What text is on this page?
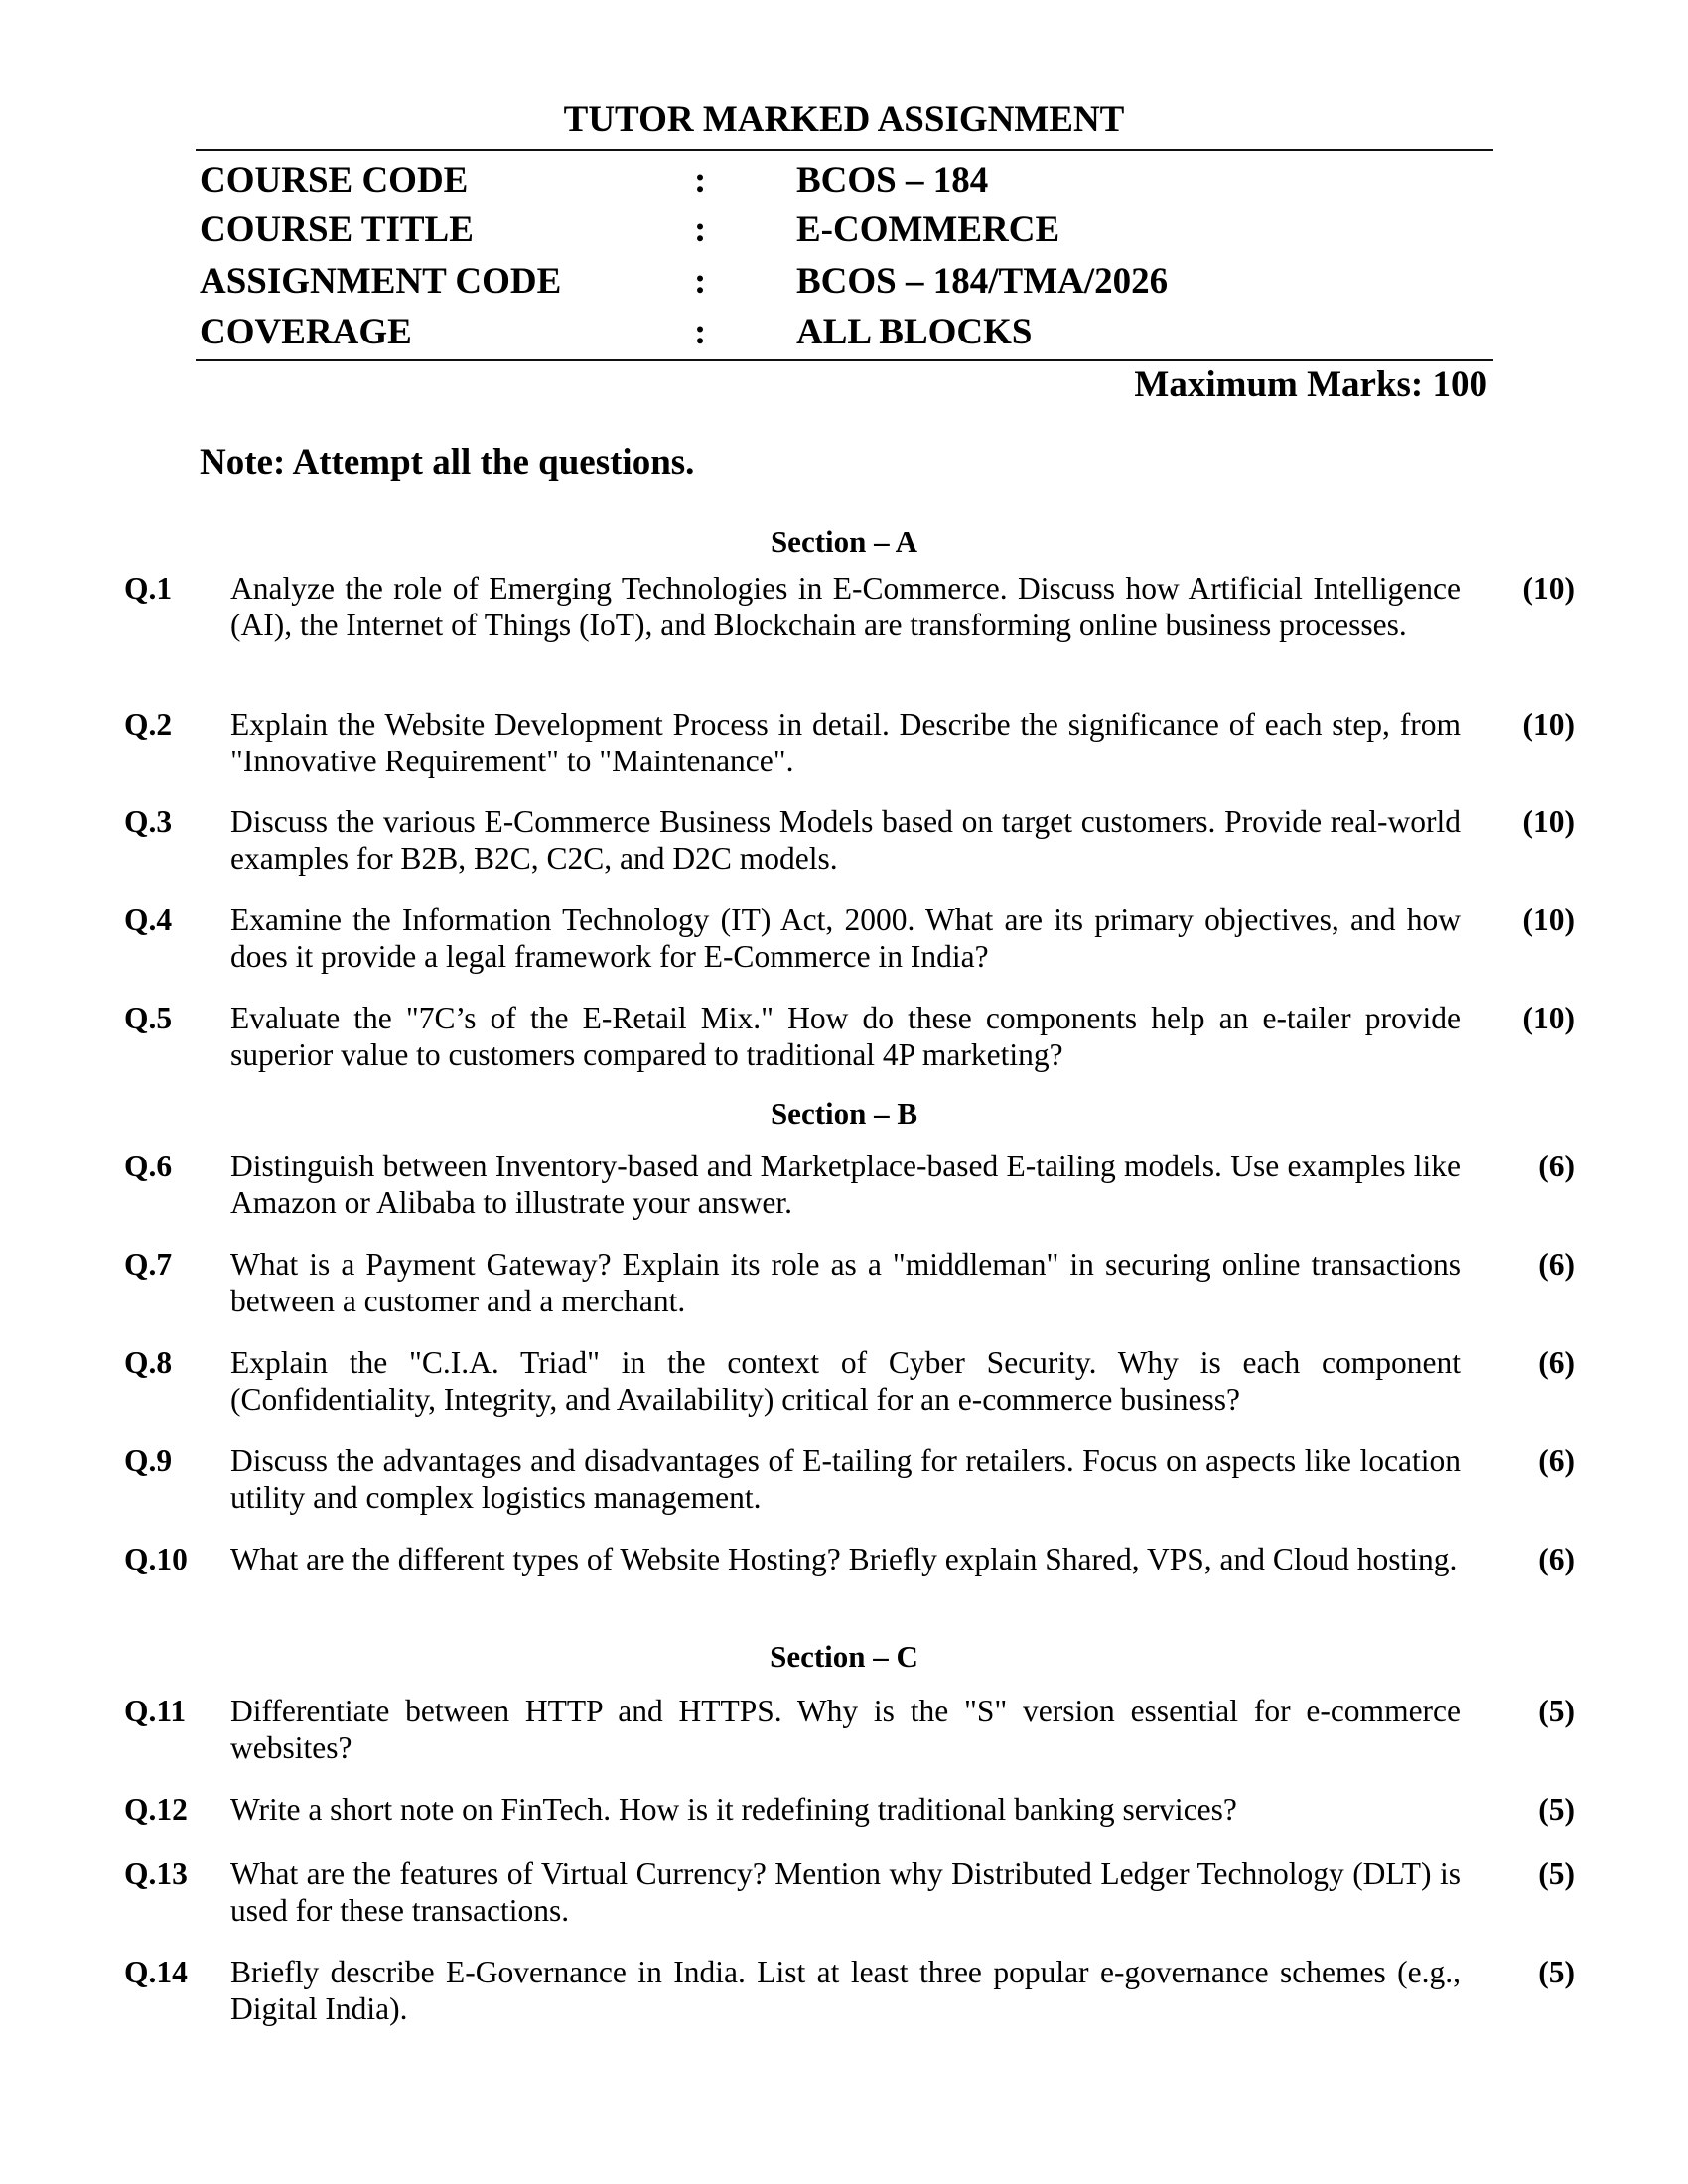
TUTOR MARKED ASSIGNMENT
COURSE CODE	: BCOS – 184
COURSE TITLE	: E-COMMERCE
ASSIGNMENT CODE	: BCOS – 184/TMA/2026
COVERAGE	: ALL BLOCKS
Maximum Marks: 100
Note: Attempt all the questions.
Section – A
Q.1 Analyze the role of Emerging Technologies in E-Commerce. Discuss how Artificial Intelligence (AI), the Internet of Things (IoT), and Blockchain are transforming online business processes.
(10)
Q.2 Explain the Website Development Process in detail. Describe the significance of each step, from "Innovative Requirement" to "Maintenance".
(10)
Q.3 Discuss the various E-Commerce Business Models based on target customers. Provide real-world examples for B2B, B2C, C2C, and D2C models.
(10)
Q.4 Examine the Information Technology (IT) Act, 2000. What are its primary objectives, and how does it provide a legal framework for E-Commerce in India?
(10)
Q.5 Evaluate the "7C’s of the E-Retail Mix." How do these components help an e-tailer provide superior value to customers compared to traditional 4P marketing?
(10)
Section – B
Q.6 Distinguish between Inventory-based and Marketplace-based E-tailing models. Use examples like Amazon or Alibaba to illustrate your answer.
(6)
Q.7 What is a Payment Gateway? Explain its role as a "middleman" in securing online transactions between a customer and a merchant.
(6)
Q.8 Explain the "C.I.A. Triad" in the context of Cyber Security. Why is each component (Confidentiality, Integrity, and Availability) critical for an e-commerce business?
(6)
Q.9 Discuss the advantages and disadvantages of E-tailing for retailers. Focus on aspects like location utility and complex logistics management.
(6)
Q.10 What are the different types of Website Hosting? Briefly explain Shared, VPS, and Cloud hosting.	(6)
Section – C
Q.11 Differentiate between HTTP and HTTPS. Why is the "S" version essential for e-commerce websites?
(5)
Q.12 Write a short note on FinTech. How is it redefining traditional banking services?	(5)
Q.13 What are the features of Virtual Currency? Mention why Distributed Ledger Technology (DLT) is used for these transactions.
(5)
Q.14 Briefly describe E-Governance in India. List at least three popular e-governance schemes (e.g., Digital India).
(5)
